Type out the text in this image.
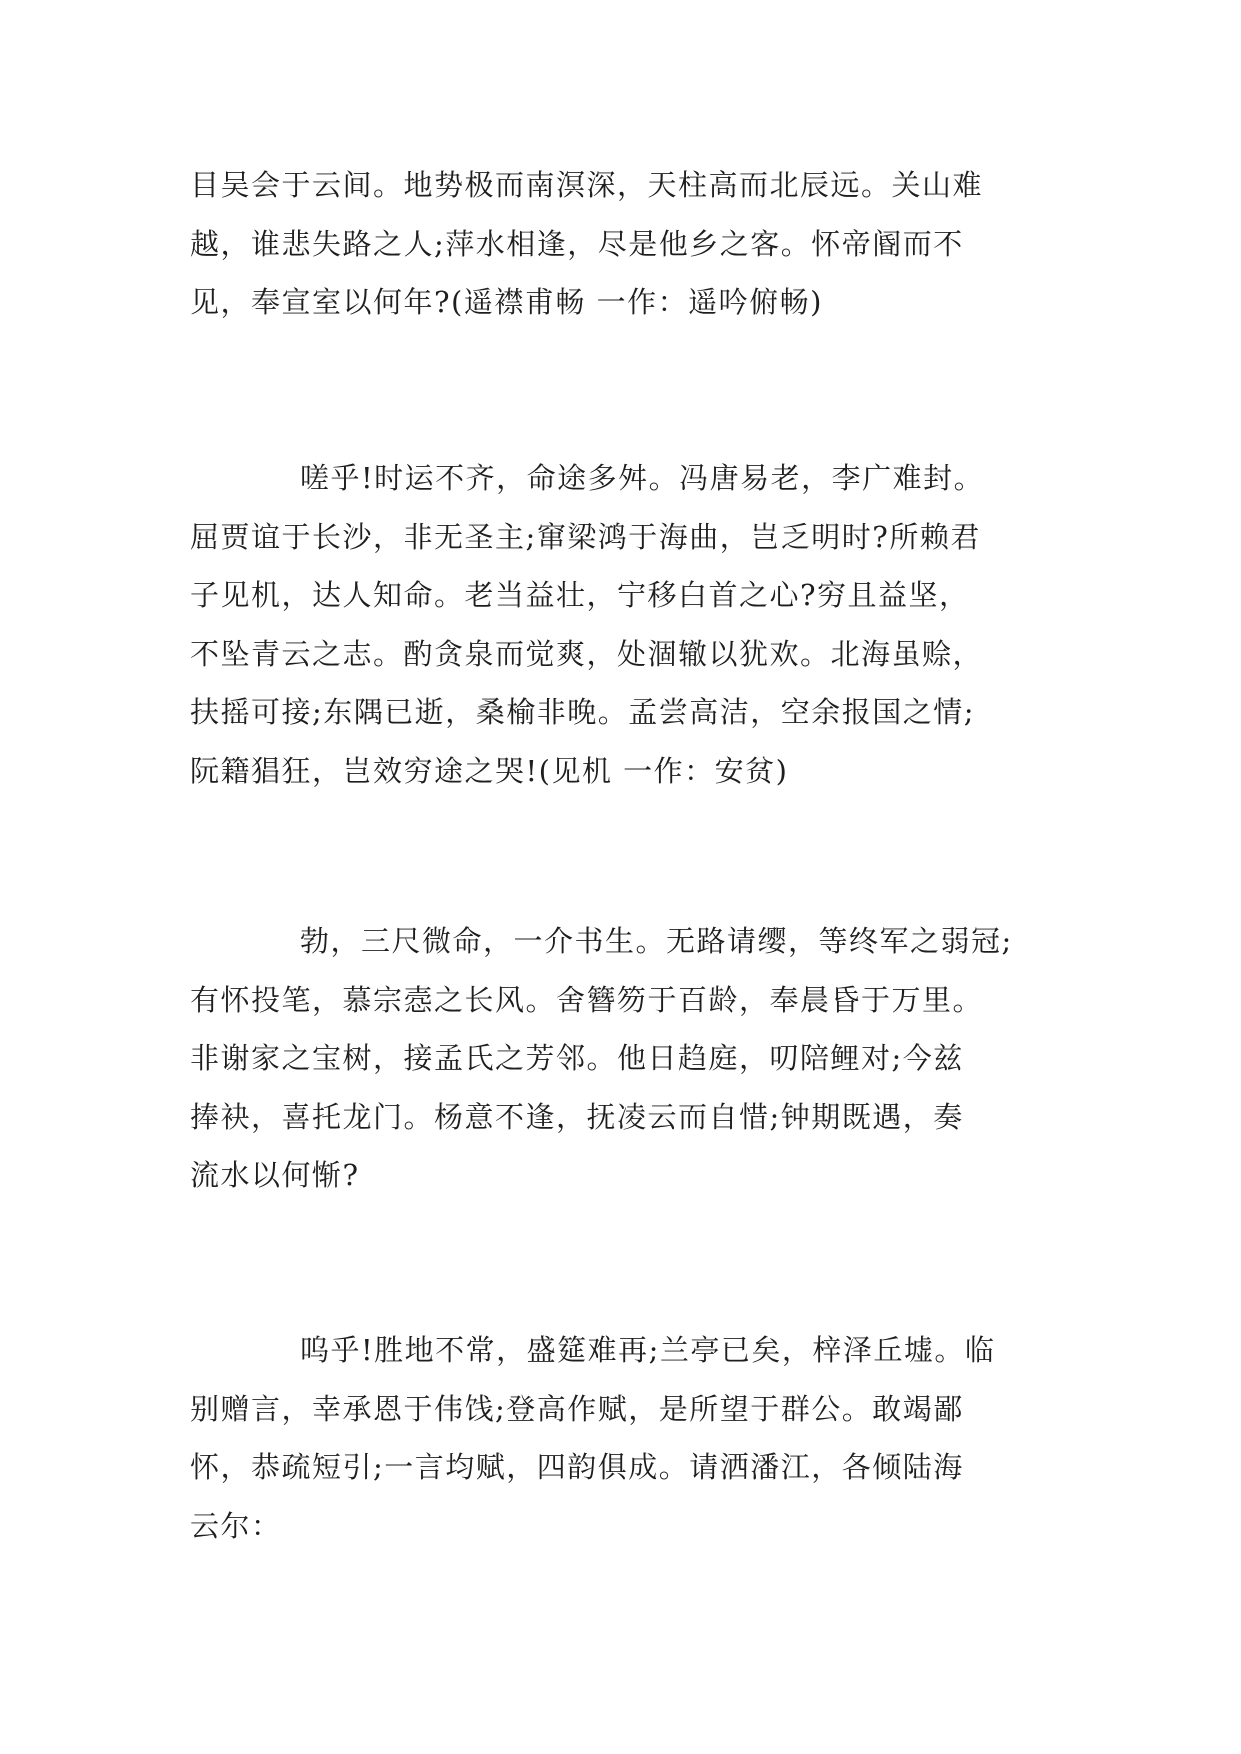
目吴会于云间。地势极而南溟深，天柱高而北辰远。关山难
越，谁悲失路之人;萍水相逢，尽是他乡之客。怀帝阍而不
见，奉宣室以何年?(遥襟甫畅 一作：遥吟俯畅)
嗟乎!时运不齐，命途多舛。冯唐易老，李广难封。
屈贾谊于长沙，非无圣主;窜梁鸿于海曲，岂乏明时?所赖君
子见机，达人知命。老当益壮，宁移白首之心?穷且益坚，
不坠青云之志。酌贪泉而觉爽，处涸辙以犹欢。北海虽赊，
扶摇可接;东隅已逝，桑榆非晚。孟尝高洁，空余报国之情;
阮籍猖狂，岂效穷途之哭!(见机 一作：安贫)
勃，三尺微命，一介书生。无路请缨，等终军之弱冠;
有怀投笔，慕宗悫之长风。舍簪笏于百龄，奉晨昏于万里。
非谢家之宝树，接孟氏之芳邻。他日趋庭，叨陪鲤对;今兹
捧袂，喜托龙门。杨意不逢，抚凌云而自惜;钟期既遇，奏
流水以何惭?
呜乎!胜地不常，盛筵难再;兰亭已矣，梓泽丘墟。临
别赠言，幸承恩于伟饯;登高作赋，是所望于群公。敢竭鄙
怀，恭疏短引;一言均赋，四韵俱成。请洒潘江，各倾陆海
云尔：
